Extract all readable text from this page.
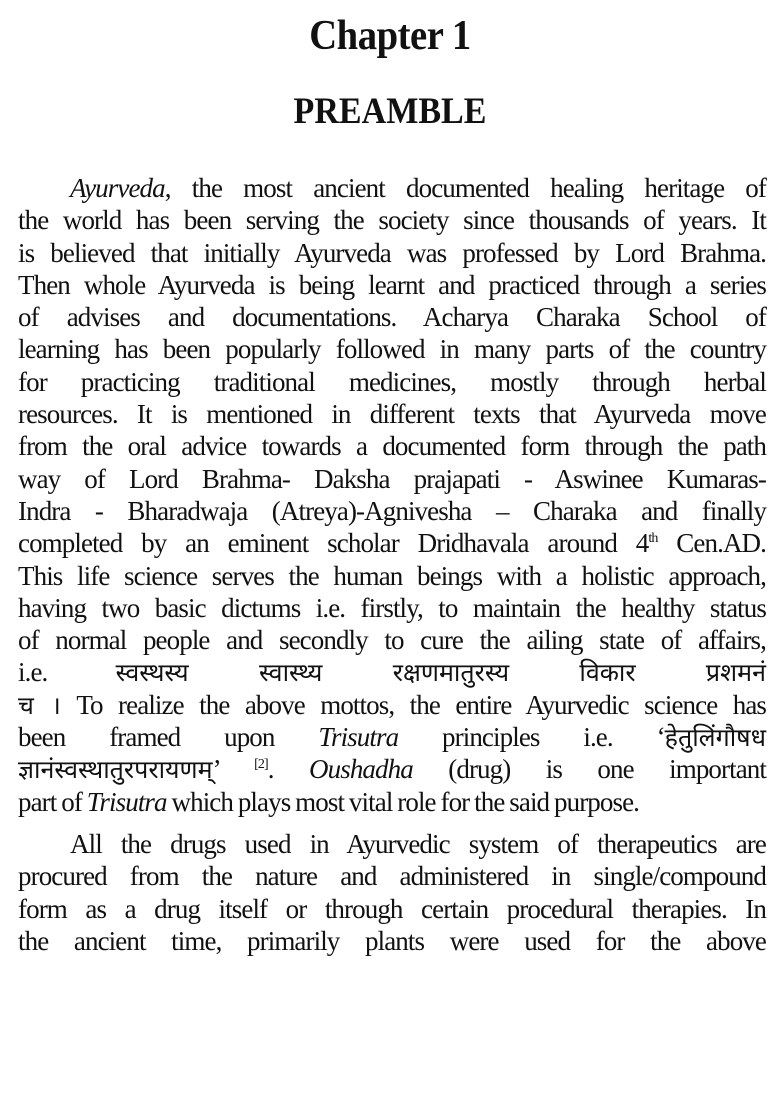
Chapter 1
PREAMBLE
Ayurveda, the most ancient documented healing heritage of
the world has been serving the society since thousands of years. It
is believed that initially Ayurveda was professed by Lord Brahma.
Then whole Ayurveda is being learnt and practiced through a series
of advises and documentations. Acharya Charaka School of
learning has been popularly followed in many parts of the country
for practicing traditional medicines, mostly through herbal
resources. It is mentioned in different texts that Ayurveda move
from the oral advice towards a documented form through the path
way of Lord Brahma- Daksha prajapati - Aswinee Kumaras-
Indra - Bharadwaja (Atreya)-Agnivesha – Charaka and finally
completed by an eminent scholar Dridhavala around 4th Cen.AD.
This life science serves the human beings with a holistic approach,
having two basic dictums i.e. firstly, to maintain the healthy status
of normal people and secondly to cure the ailing state of affairs,
i.e. स्वस्थस्य स्वास्थ्य रक्षणमातुरस्य विकार प्रशमनं
च । To realize the above mottos, the entire Ayurvedic science has
been framed upon Trisutra principles i.e. ‘हेतुलिंगौषध
ज्ञानंस्वस्थातुरपरायणम्’ [2]. Oushadha (drug) is one important
part of Trisutra which plays most vital role for the said purpose.
All the drugs used in Ayurvedic system of therapeutics are
procured from the nature and administered in single/compound
form as a drug itself or through certain procedural therapies. In
the ancient time, primarily plants were used for the above
